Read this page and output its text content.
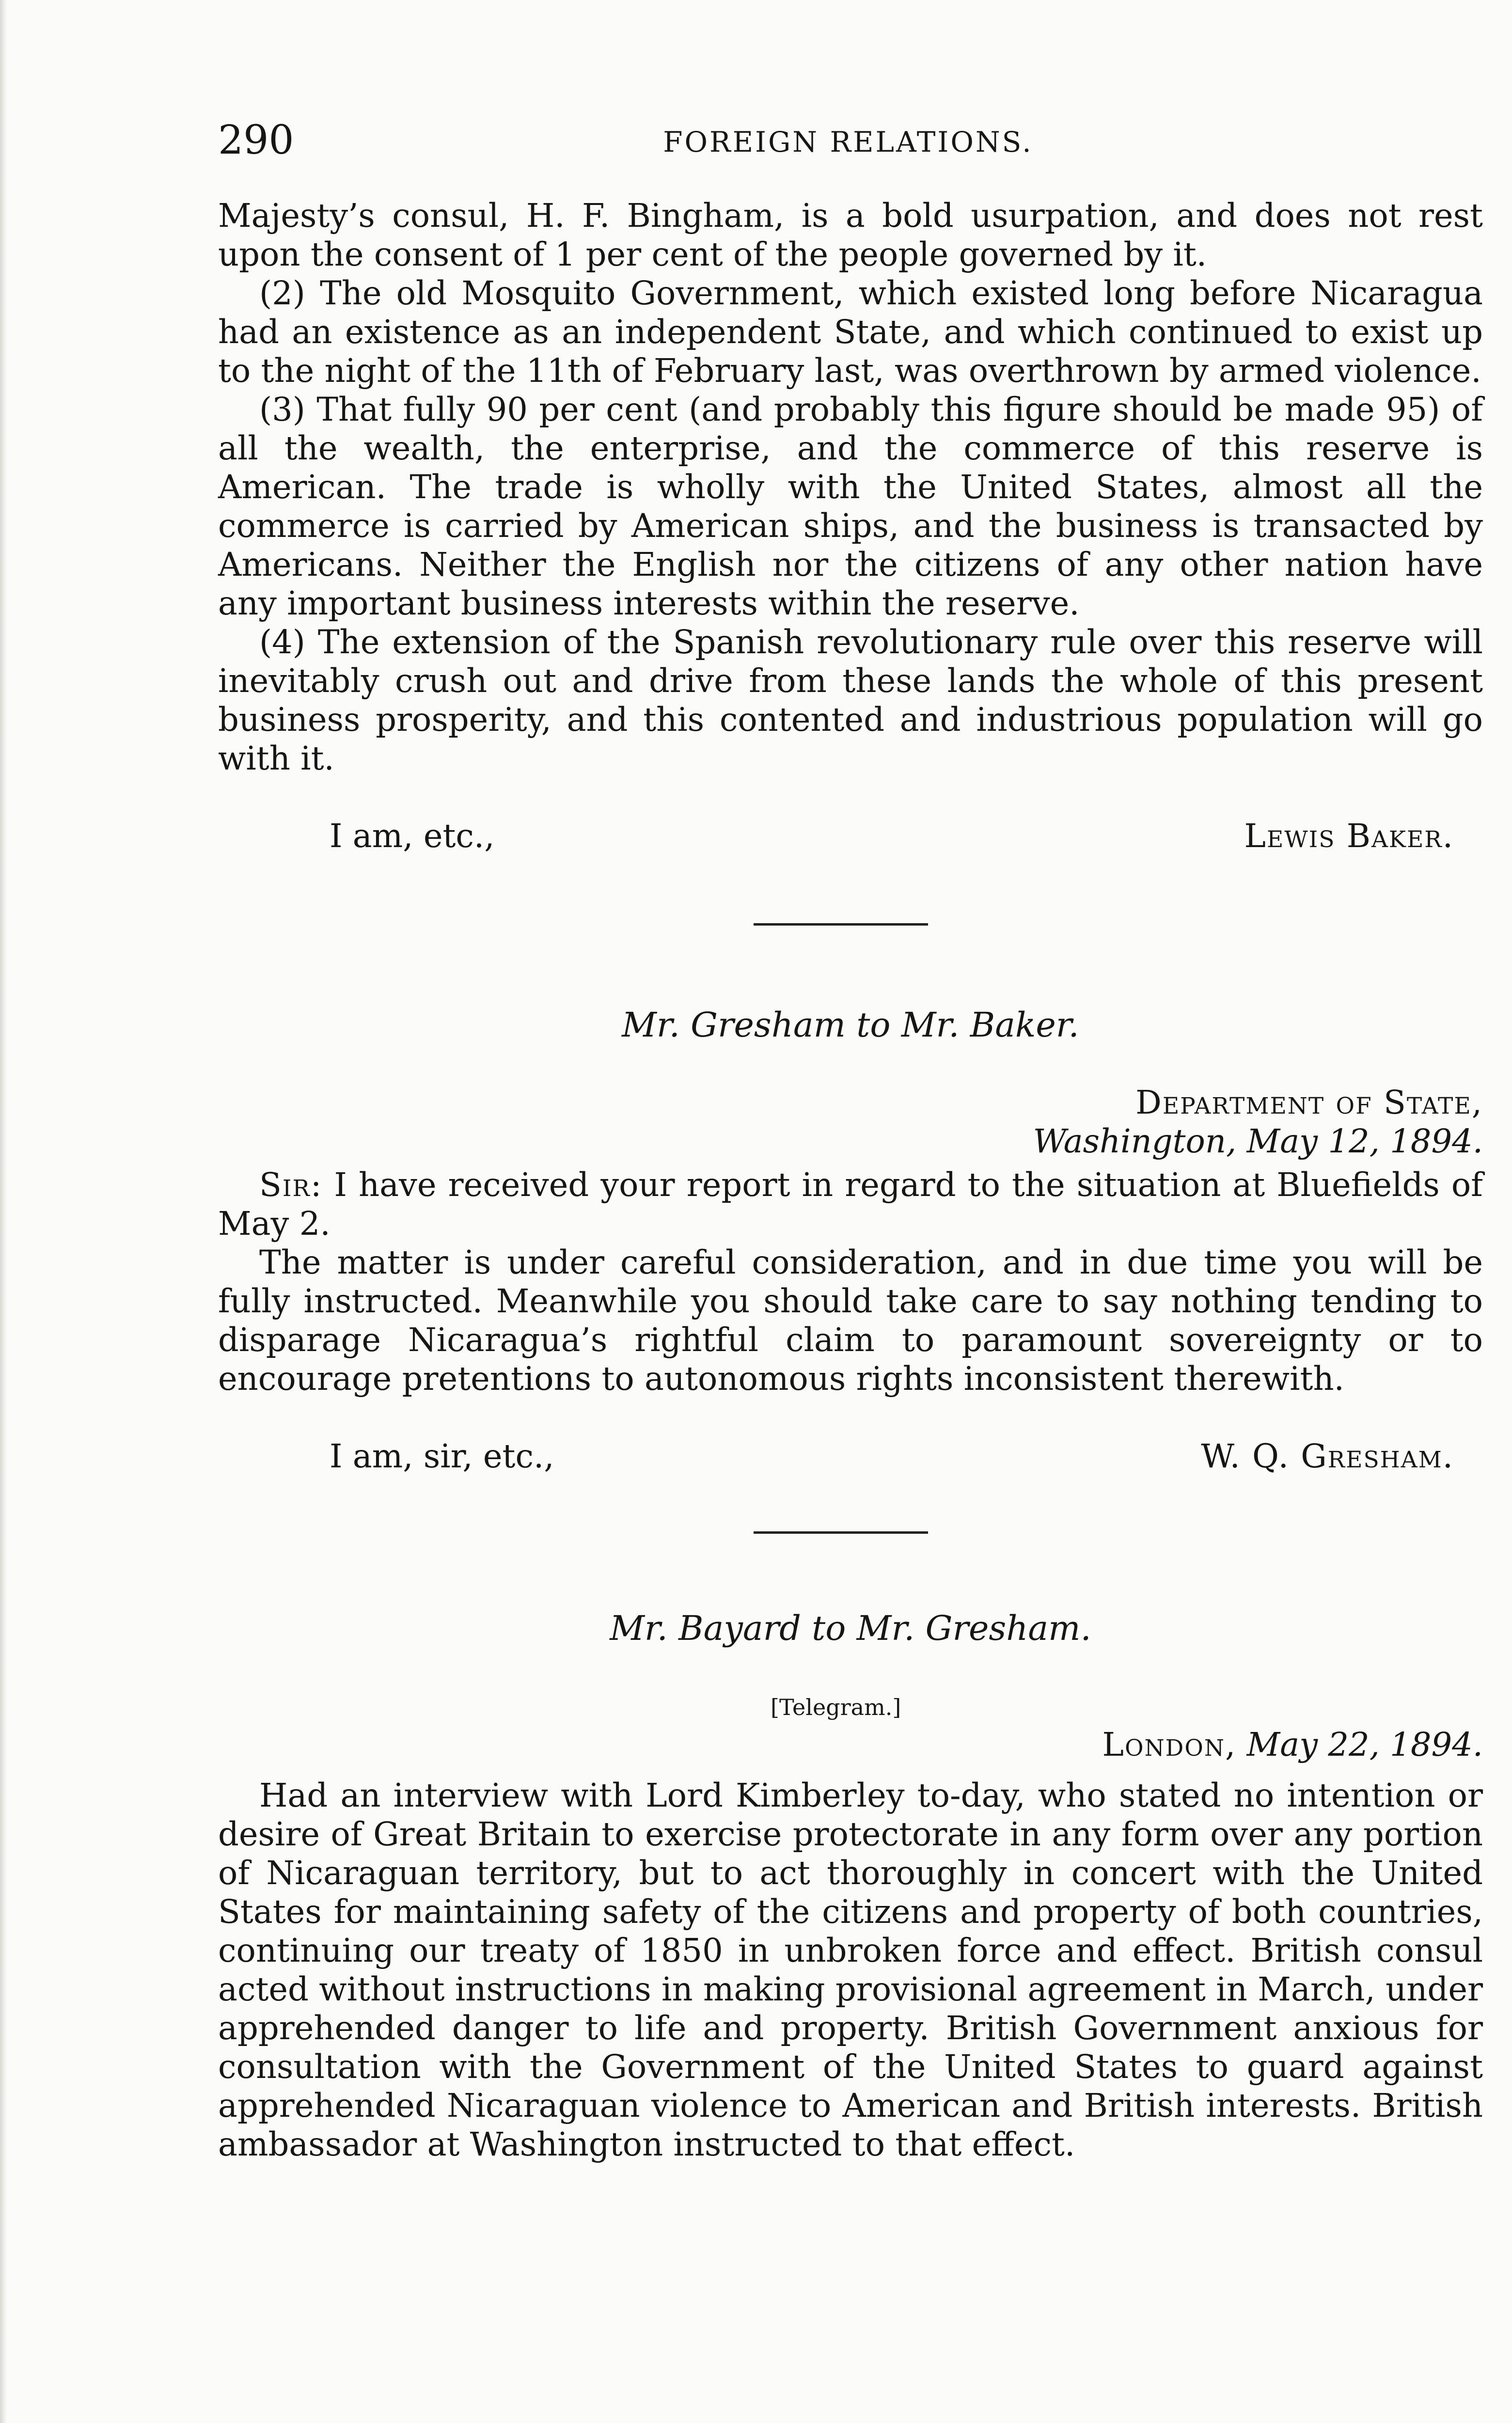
290	FOREIGN RELATIONS.

Majesty’s consul, H. F. Bingham, is a bold usurpation, and does not rest upon the consent of 1 per cent of the people governed by it.

(2) The old Mosquito Government, which existed long before Nicaragua had an existence as an independent State, and which continued to exist up to the night of the 11th of February last, was overthrown by armed violence.

(3) That fully 90 per cent (and probably this figure should be made 95) of all the wealth, the enterprise, and the commerce of this reserve is American. The trade is wholly with the United States, almost all the commerce is carried by American ships, and the business is transacted by Americans. Neither the English nor the citizens of any other nation have any important business interests within the reserve.

(4) The extension of the Spanish revolutionary rule over this reserve will inevitably crush out and drive from these lands the whole of this present business prosperity, and this contented and industrious population will go with it.

I am, etc.,	Lewis Baker.
Mr. Gresham to Mr. Baker.
Department of State,
Washington, May 12, 1894.

Sir: I have received your report in regard to the situation at Bluefields of May 2.

The matter is under careful consideration, and in due time you will be fully instructed. Meanwhile you should take care to say nothing tending to disparage Nicaragua’s rightful claim to paramount sovereignty or to encourage pretentions to autonomous rights inconsistent therewith.

I am, sir, etc.,	W. Q. Gresham.
Mr. Bayard to Mr. Gresham.
[Telegram.]
London, May 22, 1894.

Had an interview with Lord Kimberley to-day, who stated no intention or desire of Great Britain to exercise protectorate in any form over any portion of Nicaraguan territory, but to act thoroughly in concert with the United States for maintaining safety of the citizens and property of both countries, continuing our treaty of 1850 in unbroken force and effect. British consul acted without instructions in making provisional agreement in March, under apprehended danger to life and property. British Government anxious for consultation with the Government of the United States to guard against apprehended Nicaraguan violence to American and British interests. British ambassador at Washington instructed to that effect.
